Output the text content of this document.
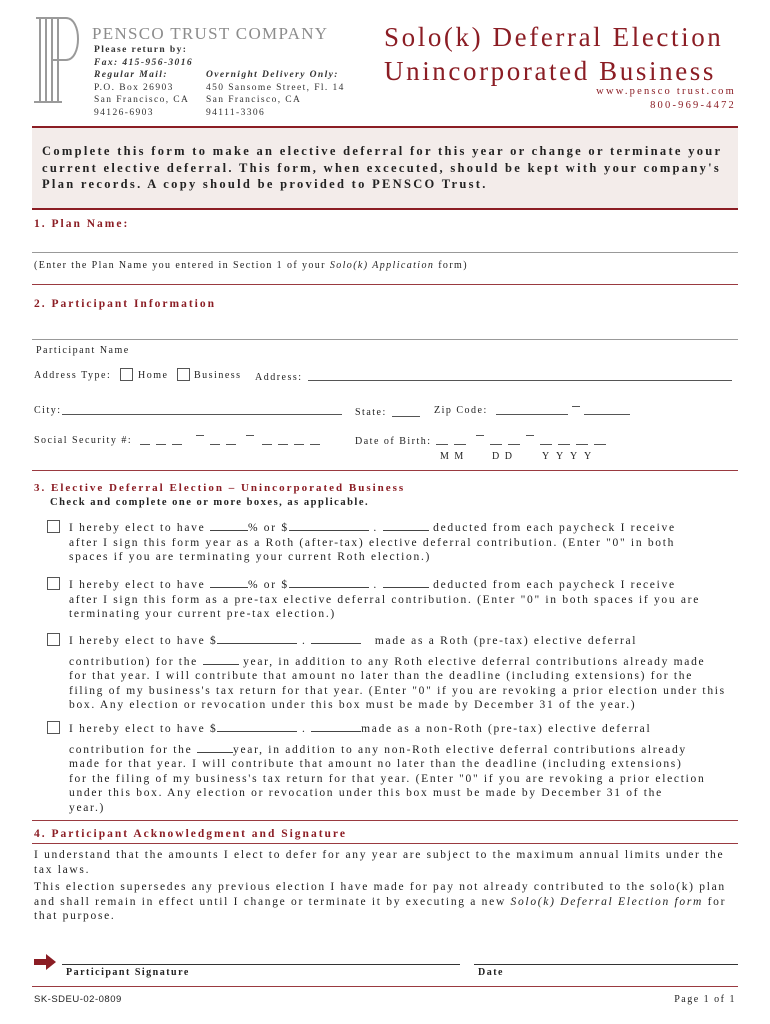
PENSCO TRUST COMPANY
Please return by:
Fax: 415-956-3016
Regular Mail:
P.O. Box 26903
San Francisco, CA
94126-6903
Overnight Delivery Only:
450 Sansome Street, Fl. 14
San Francisco, CA
94111-3306
Solo(k) Deferral Election
Unincorporated Business
www.pensco trust.com
800-969-4472
Complete this form to make an elective deferral for this year or change or terminate your current elective deferral. This form, when excecuted, should be kept with your company's Plan records. A copy should be provided to PENSCO Trust.
1. Plan Name:
(Enter the Plan Name you entered in Section 1 of your Solo(k) Application form)
2. Participant Information
Participant Name
Address Type:	Home	Business Address:
City:	State:	Zip Code:
Social Security #:	Date of Birth:
M M	D D	Y Y Y Y
3. Elective Deferral Election – Unincorporated Business
Check and complete one or more boxes, as applicable.
I hereby elect to have	% or $	.	deducted from each paycheck I receive
after I sign this form year as a Roth (after-tax) elective deferral contribution. (Enter "0" in both
spaces if you are terminating your current Roth election.)
I hereby elect to have	% or $	.	deducted from each paycheck I receive
after I sign this form as a pre-tax elective deferral contribution. (Enter "0" in both spaces if you are
terminating your current pre-tax election.)
I hereby elect to have $	.	made as a Roth (pre-tax) elective deferral
contribution) for the	year, in addition to any Roth elective deferral contributions already made
for that year. I will contribute that amount no later than the deadline (including extensions) for the
filing of my business's tax return for that year. (Enter "0" if you are revoking a prior election under this
box. Any election or revocation under this box must be made by December 31 of the year.)
I hereby elect to have $	.	made as a non-Roth (pre-tax) elective deferral
contribution for the	year, in addition to any non-Roth elective deferral contributions already
made for that year. I will contribute that amount no later than the deadline (including extensions)
for the filing of my business's tax return for that year. (Enter "0" if you are revoking a prior election
under this box. Any election or revocation under this box must be made by December 31 of the
year.)
4. Participant Acknowledgment and Signature
I understand that the amounts I elect to defer for any year are subject to the maximum annual limits under the tax laws.
This election supersedes any previous election I have made for pay not already contributed to the solo(k) plan and shall remain in effect until I change or terminate it by executing a new Solo(k) Deferral Election form for that purpose.
Participant Signature	Date
SK-SDEU-02-0809	Page 1 of 1
